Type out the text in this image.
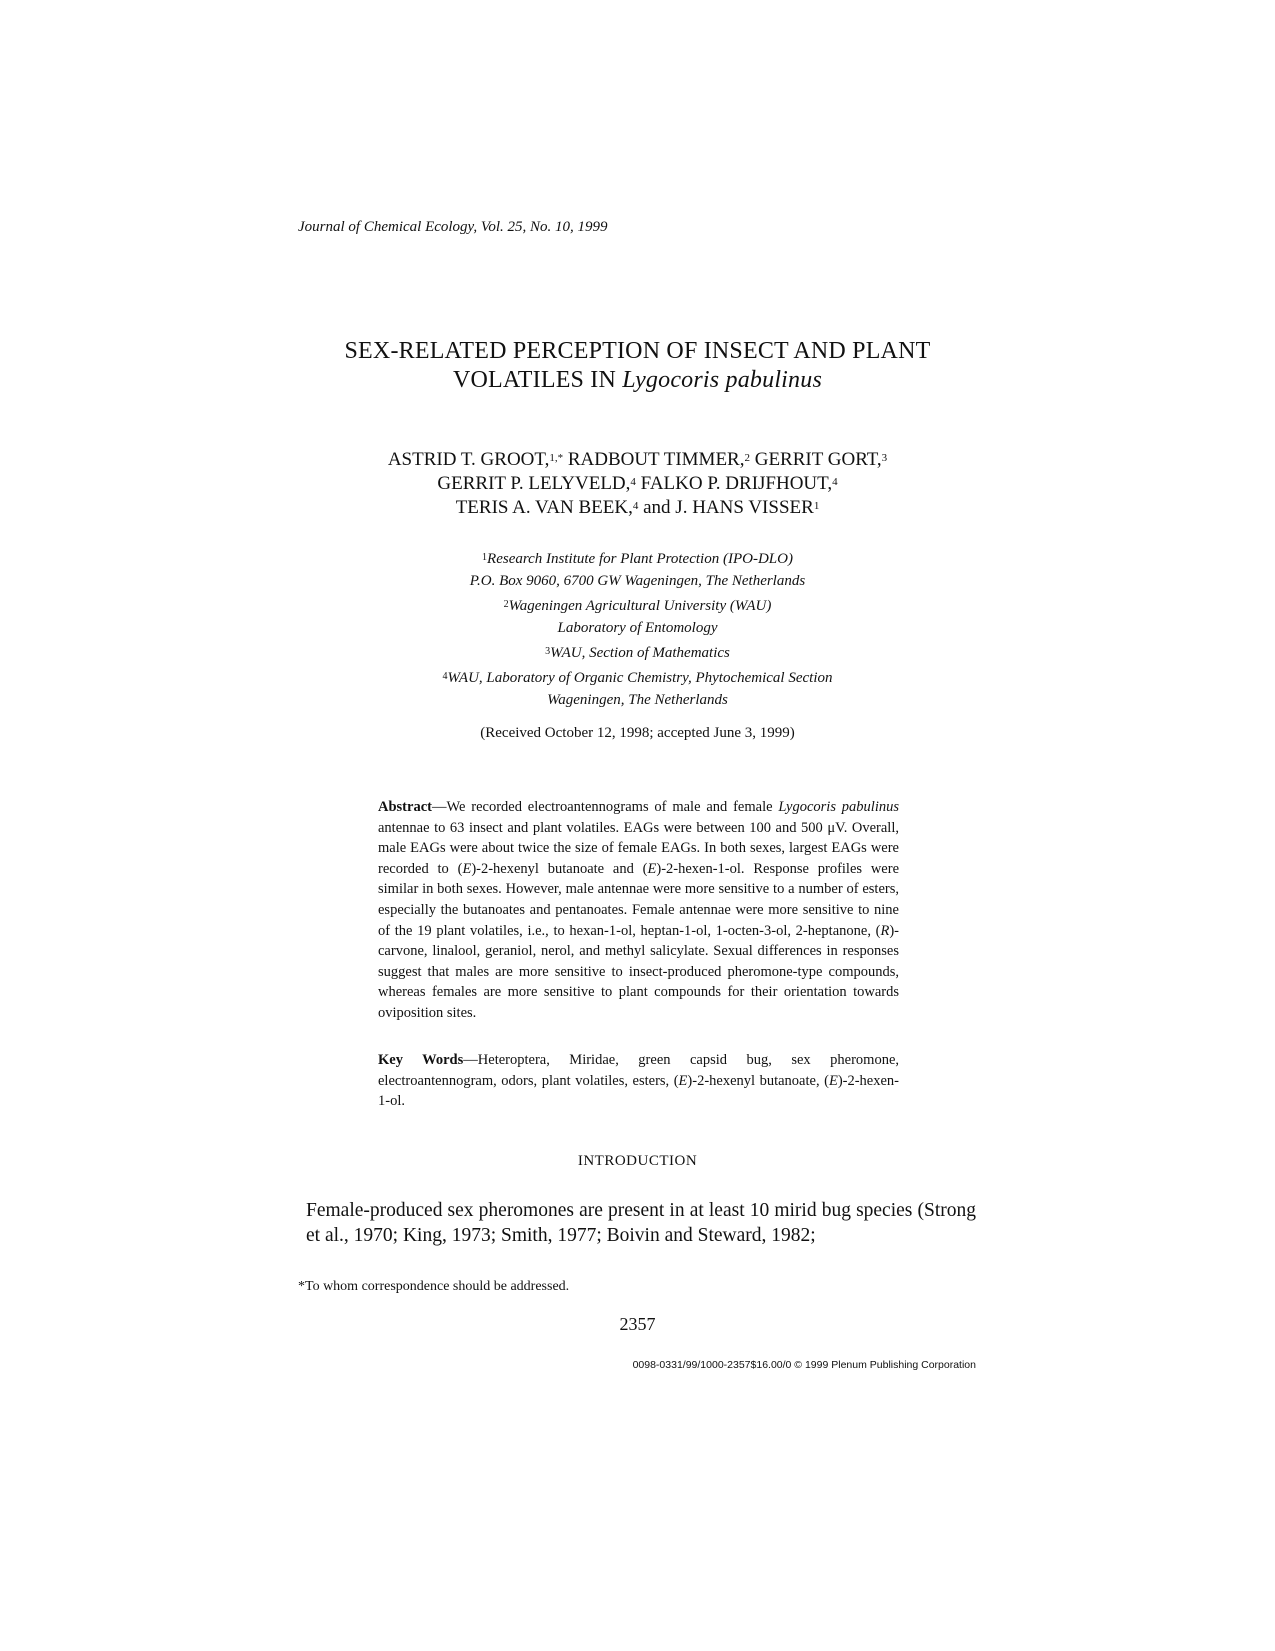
Journal of Chemical Ecology, Vol. 25, No. 10, 1999
SEX-RELATED PERCEPTION OF INSECT AND PLANT
VOLATILES IN Lygocoris pabulinus
ASTRID T. GROOT,$^{1,*}$ RADBOUT TIMMER,$^2$ GERRIT GORT,$^3$
GERRIT P. LELYVELD,$^4$ FALKO P. DRIJFHOUT,$^4$
TERIS A. VAN BEEK,$^4$ and J. HANS VISSER$^1$
$^1$Research Institute for Plant Protection (IPO-DLO)
P.O. Box 9060, 6700 GW Wageningen, The Netherlands
$^2$Wageningen Agricultural University (WAU)
Laboratory of Entomology
$^3$WAU, Section of Mathematics
$^4$WAU, Laboratory of Organic Chemistry, Phytochemical Section
Wageningen, The Netherlands
(Received October 12, 1998; accepted June 3, 1999)
Abstract—We recorded electroantennograms of male and female Lygocoris pabulinus antennae to 63 insect and plant volatiles. EAGs were between 100 and 500 μV. Overall, male EAGs were about twice the size of female EAGs. In both sexes, largest EAGs were recorded to (E)-2-hexenyl butanoate and (E)-2-hexen-1-ol. Response profiles were similar in both sexes. However, male antennae were more sensitive to a number of esters, especially the butanoates and pentanoates. Female antennae were more sensitive to nine of the 19 plant volatiles, i.e., to hexan-1-ol, heptan-1-ol, 1-octen-3-ol, 2-heptanone, (R)-carvone, linalool, geraniol, nerol, and methyl salicylate. Sexual differences in responses suggest that males are more sensitive to insect-produced pheromone-type compounds, whereas females are more sensitive to plant compounds for their orientation towards oviposition sites.
Key Words—Heteroptera, Miridae, green capsid bug, sex pheromone, electroantennogram, odors, plant volatiles, esters, (E)-2-hexenyl butanoate, (E)-2-hexen-1-ol.
INTRODUCTION
Female-produced sex pheromones are present in at least 10 mirid bug species (Strong et al., 1970; King, 1973; Smith, 1977; Boivin and Steward, 1982;
*To whom correspondence should be addressed.
2357
0098-0331/99/1000-2357$16.00/0 © 1999 Plenum Publishing Corporation
